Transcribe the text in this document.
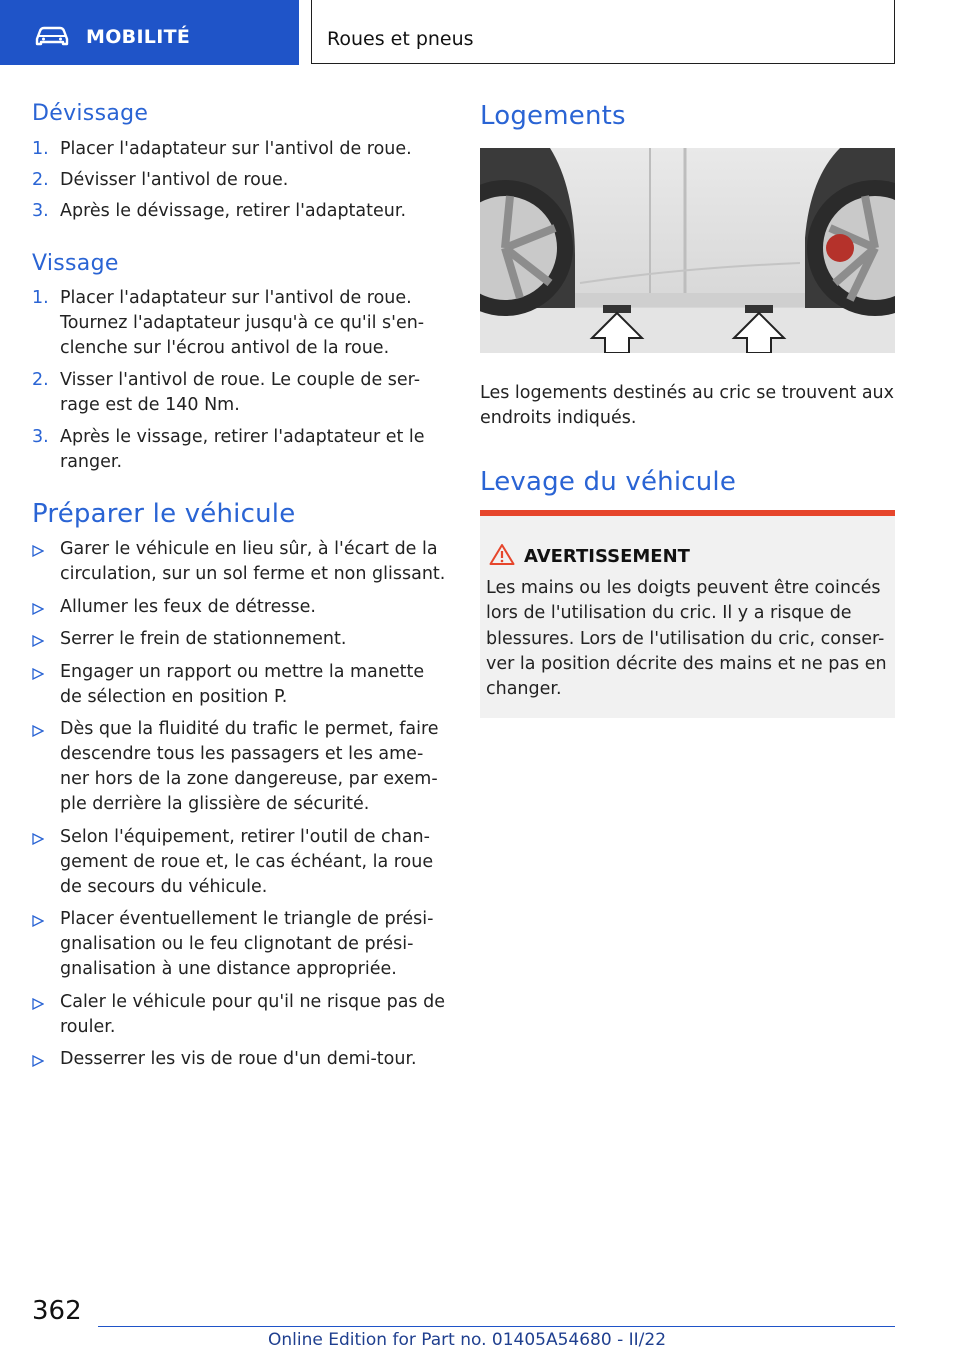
MOBILITÉ	Roues et pneus
Dévissage
1. Placer l'adaptateur sur l'antivol de roue.
2. Dévisser l'antivol de roue.
3. Après le dévissage, retirer l'adaptateur.
Vissage
1. Placer l'adaptateur sur l'antivol de roue.
Tournez l'adaptateur jusqu'à ce qu'il s'en-
clenche sur l'écrou antivol de la roue.
2. Visser l'antivol de roue. Le couple de ser-
rage est de 140 Nm.
3. Après le vissage, retirer l'adaptateur et le
ranger.
Préparer le véhicule
Garer le véhicule en lieu sûr, à l'écart de la
circulation, sur un sol ferme et non glissant.
Allumer les feux de détresse.
Serrer le frein de stationnement.
Engager un rapport ou mettre la manette
de sélection en position P.
Dès que la fluidité du trafic le permet, faire
descendre tous les passagers et les ame-
ner hors de la zone dangereuse, par exem-
ple derrière la glissière de sécurité.
Selon l'équipement, retirer l'outil de chan-
gement de roue et, le cas échéant, la roue
de secours du véhicule.
Placer éventuellement le triangle de prési-
gnalisation ou le feu clignotant de prési-
gnalisation à une distance appropriée.
Caler le véhicule pour qu'il ne risque pas de
rouler.
Desserrer les vis de roue d'un demi-tour.
Logements
Les logements destinés au cric se trouvent aux
endroits indiqués.
Levage du véhicule
AVERTISSEMENT
Les mains ou les doigts peuvent être coincés
lors de l'utilisation du cric. Il y a risque de
blessures. Lors de l'utilisation du cric, conser-
ver la position décrite des mains et ne pas en
changer.
362
Online Edition for Part no. 01405A54680 - II/22
